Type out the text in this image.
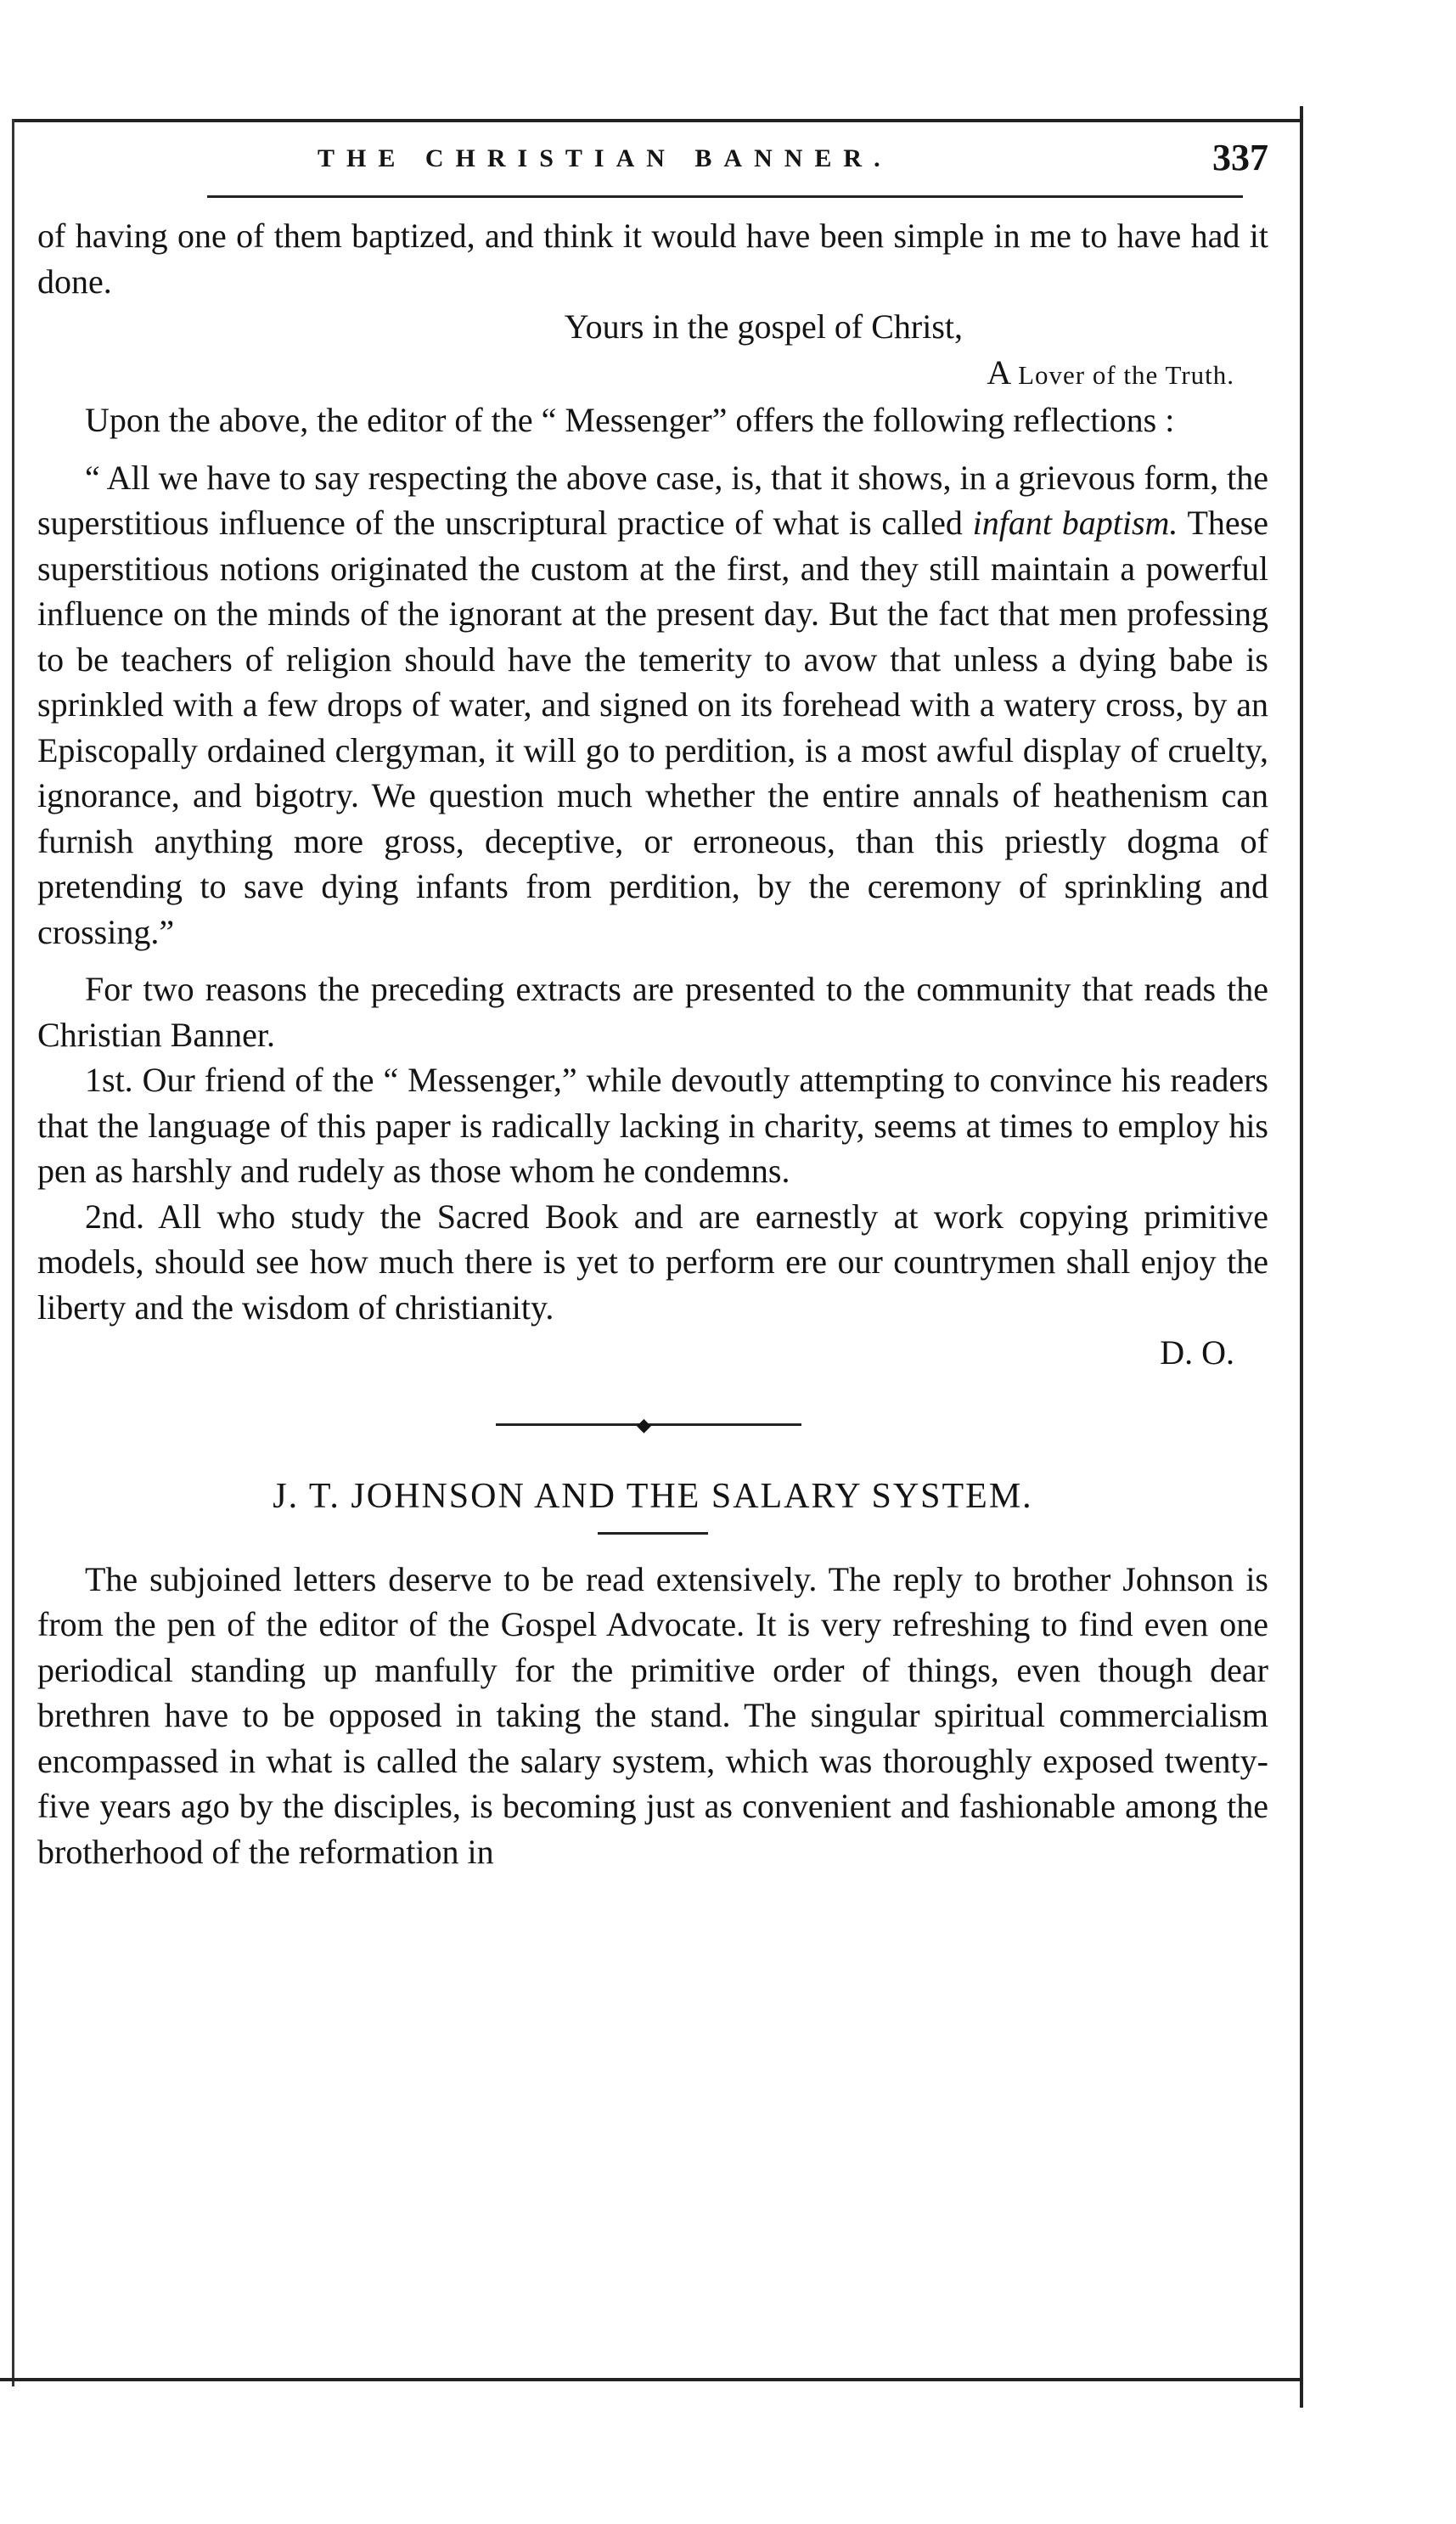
THE CHRISTIAN BANNER.	337

of having one of them baptized, and think it would have been simple in me to have had it done.

Yours in the gospel of Christ,

A Lover of the Truth.

Upon the above, the editor of the “ Messenger” offers the following reflections :

“ All we have to say respecting the above case, is, that it shows, in a grievous form, the superstitious influence of the unscriptural practice of what is called infant baptism. These superstitious notions originated the custom at the first, and they still maintain a powerful influence on the minds of the ignorant at the present day. But the fact that men professing to be teachers of religion should have the temerity to avow that unless a dying babe is sprinkled with a few drops of water, and signed on its forehead with a watery cross, by an Episcopally ordained clergyman, it will go to perdition, is a most awful display of cruelty, ignorance, and bigotry. We question much whether the entire annals of heathenism can furnish anything more gross, deceptive, or erroneous, than this priestly dogma of pretending to save dying infants from perdition, by the ceremony of sprinkling and crossing.”

For two reasons the preceding extracts are presented to the community that reads the Christian Banner.

1st. Our friend of the “ Messenger,” while devoutly attempting to convince his readers that the language of this paper is radically lacking in charity, seems at times to employ his pen as harshly and rudely as those whom he condemns.

2nd. All who study the Sacred Book and are earnestly at work copying primitive models, should see how much there is yet to perform ere our countrymen shall enjoy the liberty and the wisdom of christianity.

D. O.

◆
J. T. JOHNSON AND THE SALARY SYSTEM.

The subjoined letters deserve to be read extensively. The reply to brother Johnson is from the pen of the editor of the Gospel Advocate. It is very refreshing to find even one periodical standing up manfully for the primitive order of things, even though dear brethren have to be opposed in taking the stand. The singular spiritual commercialism encompassed in what is called the salary system, which was thoroughly exposed twenty-five years ago by the disciples, is becoming just as convenient and fashionable among the brotherhood of the reformation in
